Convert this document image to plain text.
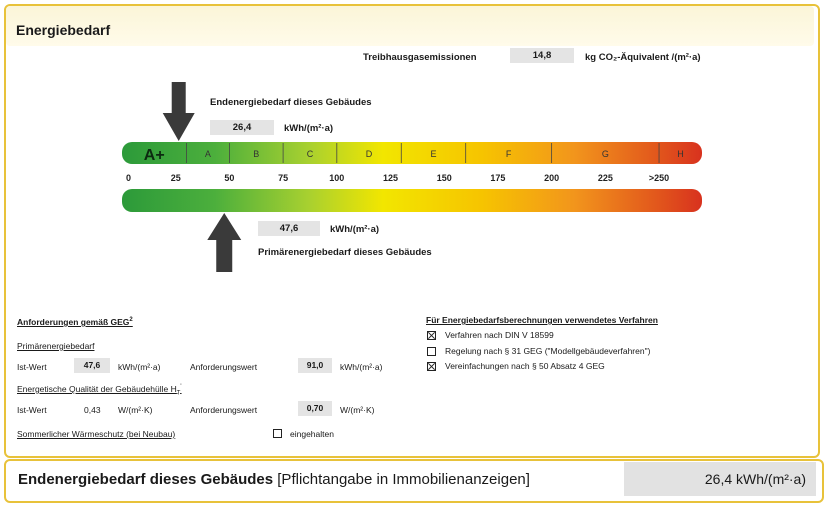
Energiebedarf
Treibhausgasemissionen	14,8	kg CO₂-Äquivalent /(m²·a)
Endenergiebedarf dieses Gebäudes
26,4	kWh/(m²·a)
A+	A	B	C	D	E	F	G	H
0	25	50	75	100	125	150	175	200	225	>250
47,6	kWh/(m²·a)
Primärenergiebedarf dieses Gebäudes
Anforderungen gemäß GEG$^2$
Primärenergiebedarf
Ist-Wert	47,6	kWh/(m²·a)	Anforderungswert	91,0	kWh/(m²·a)
Energetische Qualität der Gebäudehülle $H_T'$
Ist-Wert	0,43 W/(m²·K)	Anforderungswert	0,70	W/(m²·K)
Sommerlicher Wärmeschutz (bei Neubau)	eingehalten
Für Energiebedarfsberechnungen verwendetes Verfahren
Verfahren nach DIN V 18599
Regelung nach § 31 GEG ("Modellgebäudeverfahren")
Vereinfachungen nach § 50 Absatz 4 GEG
Endenergiebedarf dieses Gebäudes [Pflichtangabe in Immobilienanzeigen]	26,4 kWh/(m²·a)
